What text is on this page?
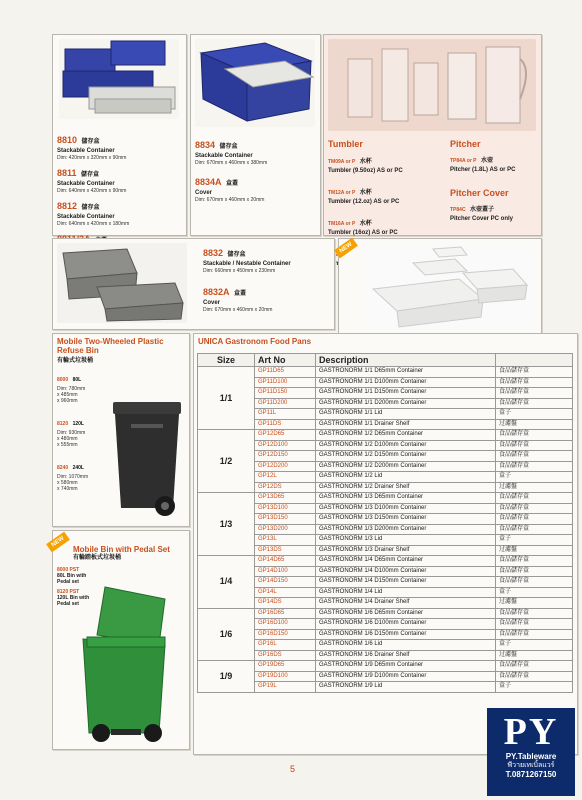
8810 儲存盒
Stackable Container
Dim: 420mm x 320mm x 90mm
8811 儲存盒
Stackable Container
Dim: 640mm x 420mm x 90mm
8812 儲存盒
Stackable Container
Dim: 640mm x 420mm x 180mm
8834 儲存盒
Stackable Container
Dim: 670mm x 460mm x 380mm
8834A 盒蓋
Cover
Dim: 670mm x 460mm x 20mm
Tumbler
TM09A or P 水杯
Tumbler (9.50oz) AS or PC
TM12A or P 水杯
Tumbler (12.oz) AS or PC
TM16A or P 水杯
Tumbler (16oz) AS or PC
TM20A
Pitcher
TP84A or P 水壺
Pitcher (1.8L) AS or PC
Pitcher Cover
TP84C 水壺蓋子
Pitcher Cover PC only
8832 儲存盒
Stackable / Nestable Container
Dim: 660mm x 450mm x 230mm
8832A 盒蓋
Cover
Dim: 670mm x 460mm x 20mm
NEW
Mobile Two-Wheeled Plastic Refuse Bin
有輪式垃圾桶
8000 80L
Dim: 780mm
x 485mm
x 960mm
8120 120L
Dim: 930mm
x 480mm
x 555mm
8240 240L
Dim: 1070mm
x 580mm
x 740mm
NEW
Mobile Bin with Pedal Set
有輪踏板式垃圾桶
8000 PST
80L Bin with
Pedal set
8120 PST
120L Bin with
Pedal set
UNICA Gastronom Food Pans
Size	Art No	Description	
1/1	GP11D65	GASTRONORM 1/1 D65mm Container	食品儲存盒
	GP11D100	GASTRONORM 1/1 D100mm Container	食品儲存盒
	GP11D150	GASTRONORM 1/1 D150mm Container	食品儲存盒
	GP11D200	GASTRONORM 1/1 D200mm Container	食品儲存盒
	GP11L	GASTRONORM 1/1 Lid	盒子
	GP11DS	GASTRONORM 1/1 Drainer Shelf	过濾盤
1/2	GP12D65	GASTRONORM 1/2 D65mm Container	食品儲存盒
	GP12D100	GASTRONORM 1/2 D100mm Container	食品儲存盒
	GP12D150	GASTRONORM 1/2 D150mm Container	食品儲存盒
	GP12D200	GASTRONORM 1/2 D200mm Container	食品儲存盒
	GP12L	GASTRONORM 1/2 Lid	盒子
	GP12DS	GASTRONORM 1/2 Drainer Shelf	过濾盤
1/3	GP13D65	GASTRONORM 1/3 D65mm Container	食品儲存盒
	GP13D100	GASTRONORM 1/3 D100mm Container	食品儲存盒
	GP13D150	GASTRONORM 1/3 D150mm Container	食品儲存盒
	GP13D200	GASTRONORM 1/3 D200mm Container	食品儲存盒
	GP13L	GASTRONORM 1/3 Lid	盒子
	GP13DS	GASTRONORM 1/3 Drainer Shelf	过濾盤
1/4	GP14D65	GASTRONORM 1/4 D65mm Container	食品儲存盒
	GP14D100	GASTRONORM 1/4 D100mm Container	食品儲存盒
	GP14D150	GASTRONORM 1/4 D150mm Container	食品儲存盒
	GP14L	GASTRONORM 1/4 Lid	盒子
	GP14DS	GASTRONORM 1/4 Drainer Shelf	过濾盤
1/6	GP16D65	GASTRONORM 1/6 D65mm Container	食品儲存盒
	GP16D100	GASTRONORM 1/6 D100mm Container	食品儲存盒
	GP16D150	GASTRONORM 1/6 D150mm Container	食品儲存盒
	GP16L	GASTRONORM 1/6 Lid	盒子
	GP16DS	GASTRONORM 1/6 Drainer Shelf	过濾盤
1/9	GP19D65	GASTRONORM 1/9 D65mm Container	食品儲存盒
	GP19D100	GASTRONORM 1/9 D100mm Container	食品儲存盒
	GP19L	GASTRONORM 1/9 Lid	盒子
5
PY
PY.Tableware
พีวายเทเบิ้ลแวร์
T.0871267150
